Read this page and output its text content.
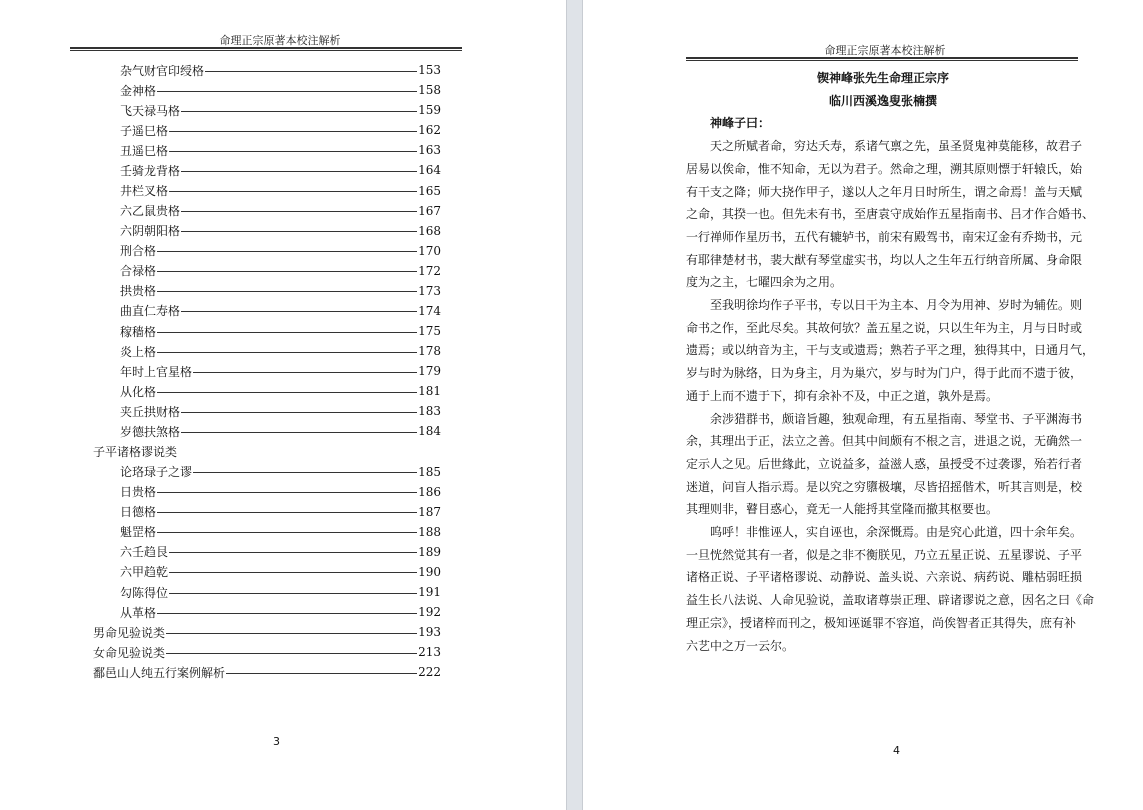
命理正宗原著本校注解析
杂气财官印绶格	153
金神格	158
飞天禄马格	159
子遥巳格	162
丑遥巳格	163
壬骑龙背格	164
井栏叉格	165
六乙鼠贵格	167
六阴朝阳格	168
刑合格	170
合禄格	172
拱贵格	173
曲直仁寿格	174
稼穑格	175
炎上格	178
年时上官星格	179
从化格	181
夹丘拱财格	183
岁德扶煞格	184
子平诸格谬说类
论珞琭子之谬	185
日贵格	186
日德格	187
魁罡格	188
六壬趋艮	189
六甲趋乾	190
勾陈得位	191
从革格	192
男命见验说类	193
女命见验说类	213
鄱邑山人纯五行案例解析	222
3
命理正宗原著本校注解析
4
锲神峰张先生命理正宗序
临川西溪逸叟张楠撰
神峰子曰：
天之所赋者命，穷达夭寿，系诸气禀之先，虽圣贤鬼神莫能移，故君子
居易以俟命，惟不知命，无以为君子。然命之理，溯其原则慓于轩辕氏，始
有干支之降；师大挠作甲子，遂以人之年月日时所生，谓之命焉！盖与天赋
之命，其揆一也。但先未有书，至唐袁守成始作五星指南书、吕才作合婚书、
一行禅师作星历书，五代有辘轳书，前宋有殿驾书，南宋辽金有乔拗书，元
有耶律楚材书，裴大猷有琴堂虚实书，均以人之生年五行纳音所属、身命限
度为之主，七曜四余为之用。
至我明徐均作子平书，专以日干为主本、月令为用神、岁时为辅佐。则
命书之作，至此尽矣。其故何欤？盖五星之说，只以生年为主，月与日时或
遗焉；或以纳音为主，干与支或遗焉；熟若子平之理，独得其中，日通月气，
岁与时为脉络，日为身主，月为巢穴，岁与时为门户，得于此而不遗于彼，
通于上而不遗于下，抑有余补不及，中正之道，孰外是焉。
余涉猎群书，颇谙旨趣，独观命理，有五星指南、琴堂书、子平渊海书
余，其理出于正，法立之善。但其中间颇有不根之言，进退之说，无确然一
定示人之见。后世緣此，立说益多，益滋人惑，虽授受不过袭谬，殆若行者
迷道，问盲人指示焉。是以究之穷隳极壤，尽皆招摇偕术，听其言则是，校
其理则非，瞽目惑心，竟无一人能捋其堂隆而撤其枢要也。
呜呼！非惟诬人，实自诬也，余深慨焉。由是究心此道，四十余年矣。
一旦恍然觉其有一者，似是之非不衡朕见，乃立五星正说、五星谬说、子平
诸格正说、子平诸格谬说、动静说、盖头说、六亲说、病药说、雕枯弱旺损
益生长八法说、人命见验说，盖取诸尊崇正理、辟诸谬说之意，因名之曰《命
理正宗》，授诸梓而刊之，极知诬诞罪不容逭，尚俟智者正其得失，庶有补
六艺中之万一云尔。
